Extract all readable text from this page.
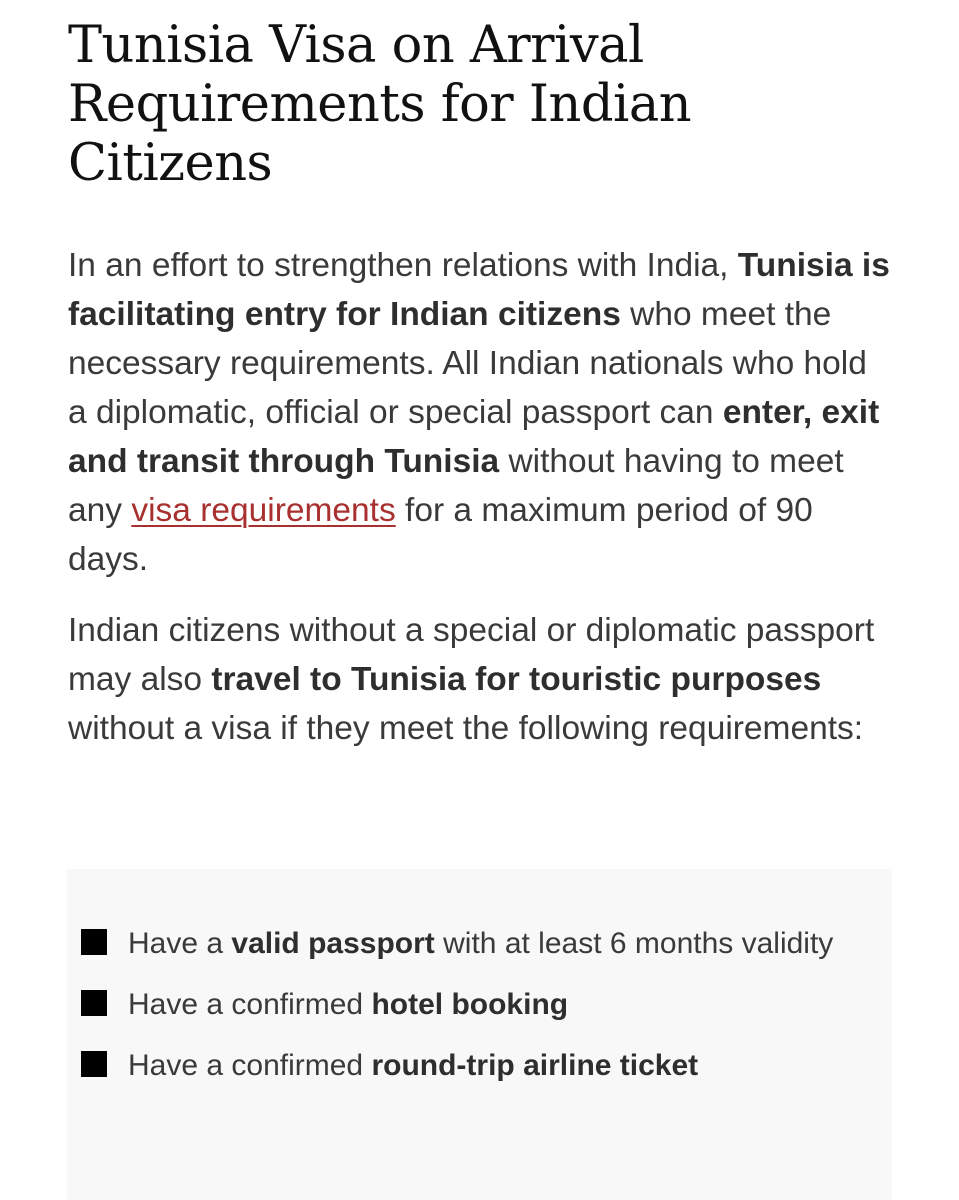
Tunisia Visa on Arrival Requirements for Indian Citizens

In an effort to strengthen relations with India, Tunisia is facilitating entry for Indian citizens who meet the necessary requirements. All Indian nationals who hold a diplomatic, official or special passport can enter, exit and transit through Tunisia without having to meet any visa requirements for a maximum period of 90 days.

Indian citizens without a special or diplomatic passport may also travel to Tunisia for touristic purposes without a visa if they meet the following requirements:

Have a valid passport with at least 6 months validity
Have a confirmed hotel booking
Have a confirmed round-trip airline ticket
